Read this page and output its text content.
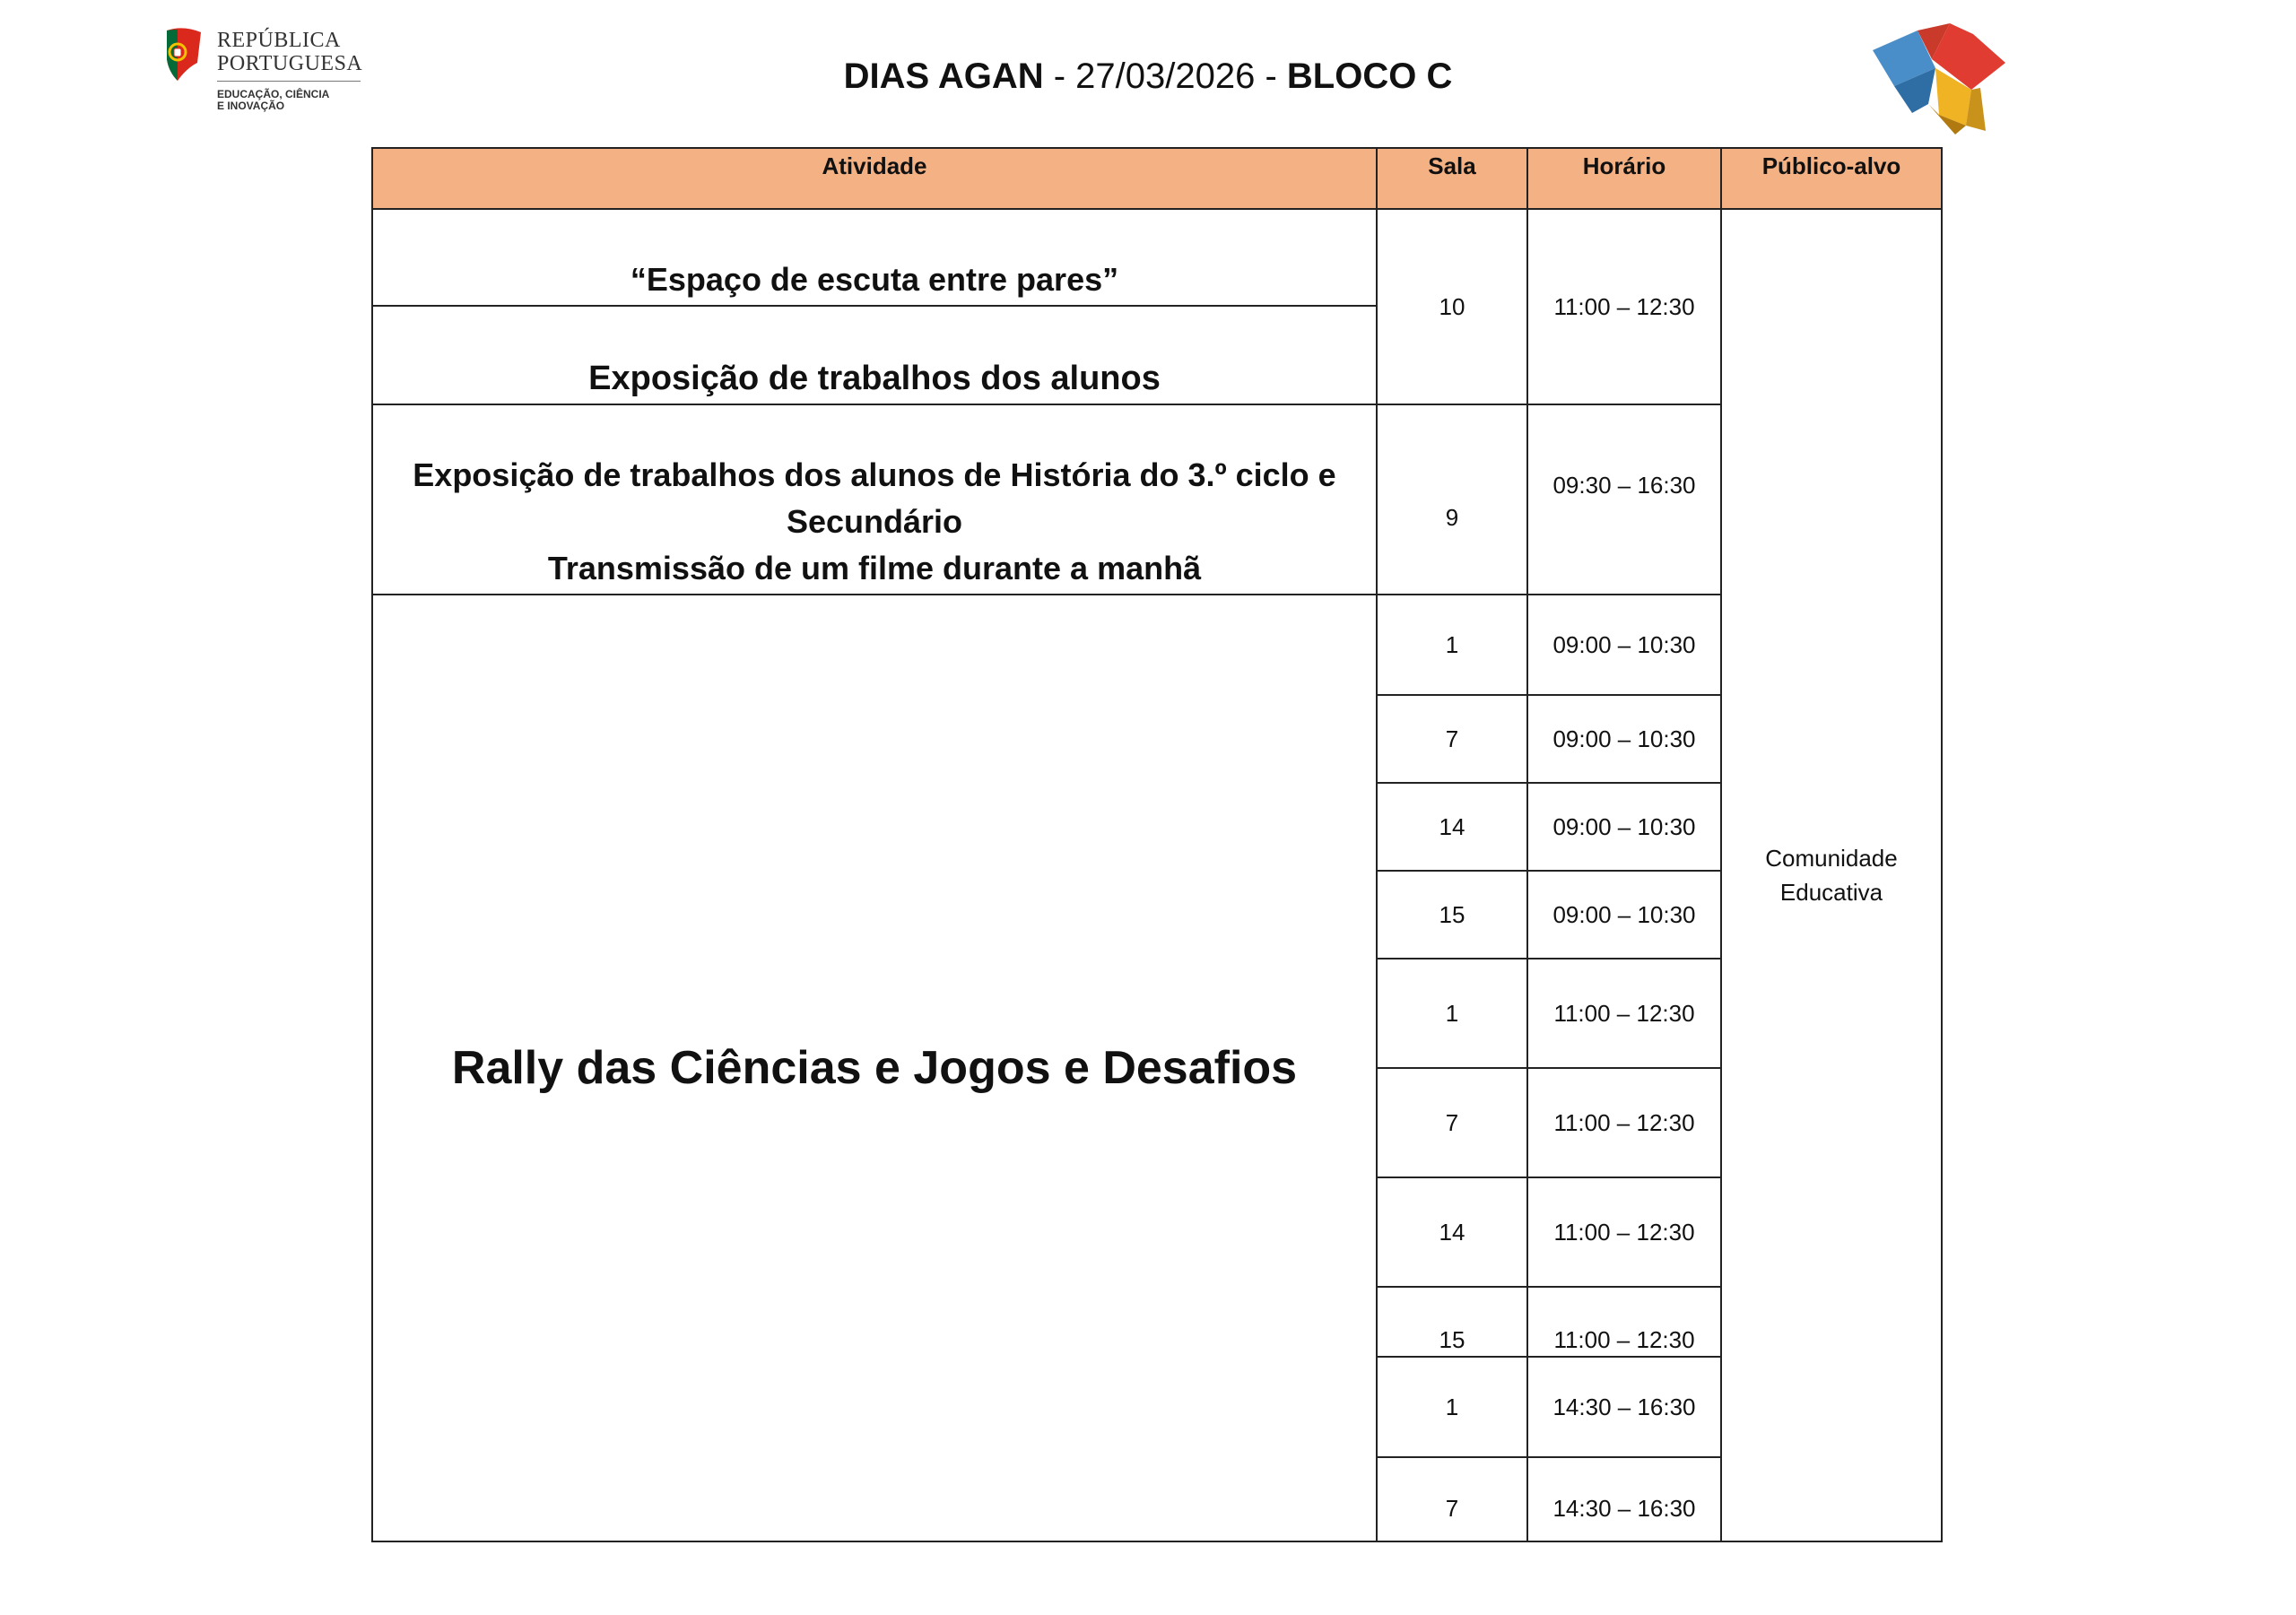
REPÚBLICA
PORTUGUESA
EDUCAÇÃO, CIÊNCIA
E INOVAÇÃO
DIAS AGAN - 27/03/2026 - BLOCO C
Atividade	Sala	Horário	Público-alvo
“Espaço de escuta entre pares”	10	11:00 – 12:30	Comunidade
Educativa

Exposição de trabalhos dos alunos			

Exposição de trabalhos dos alunos de História do 3.º ciclo e
Secundário
Transmissão de um filme durante a manhã	9	09:30 – 16:30	
Rally das Ciências e Jogos e Desafios	1	09:00 – 10:30	
	7	09:00 – 10:30	
	14	09:00 – 10:30	
	15	09:00 – 10:30	
	1	11:00 – 12:30	
	7	11:00 – 12:30	
	14	11:00 – 12:30	
	15	11:00 – 12:30	
	1	14:30 – 16:30	
	7	14:30 – 16:30	
